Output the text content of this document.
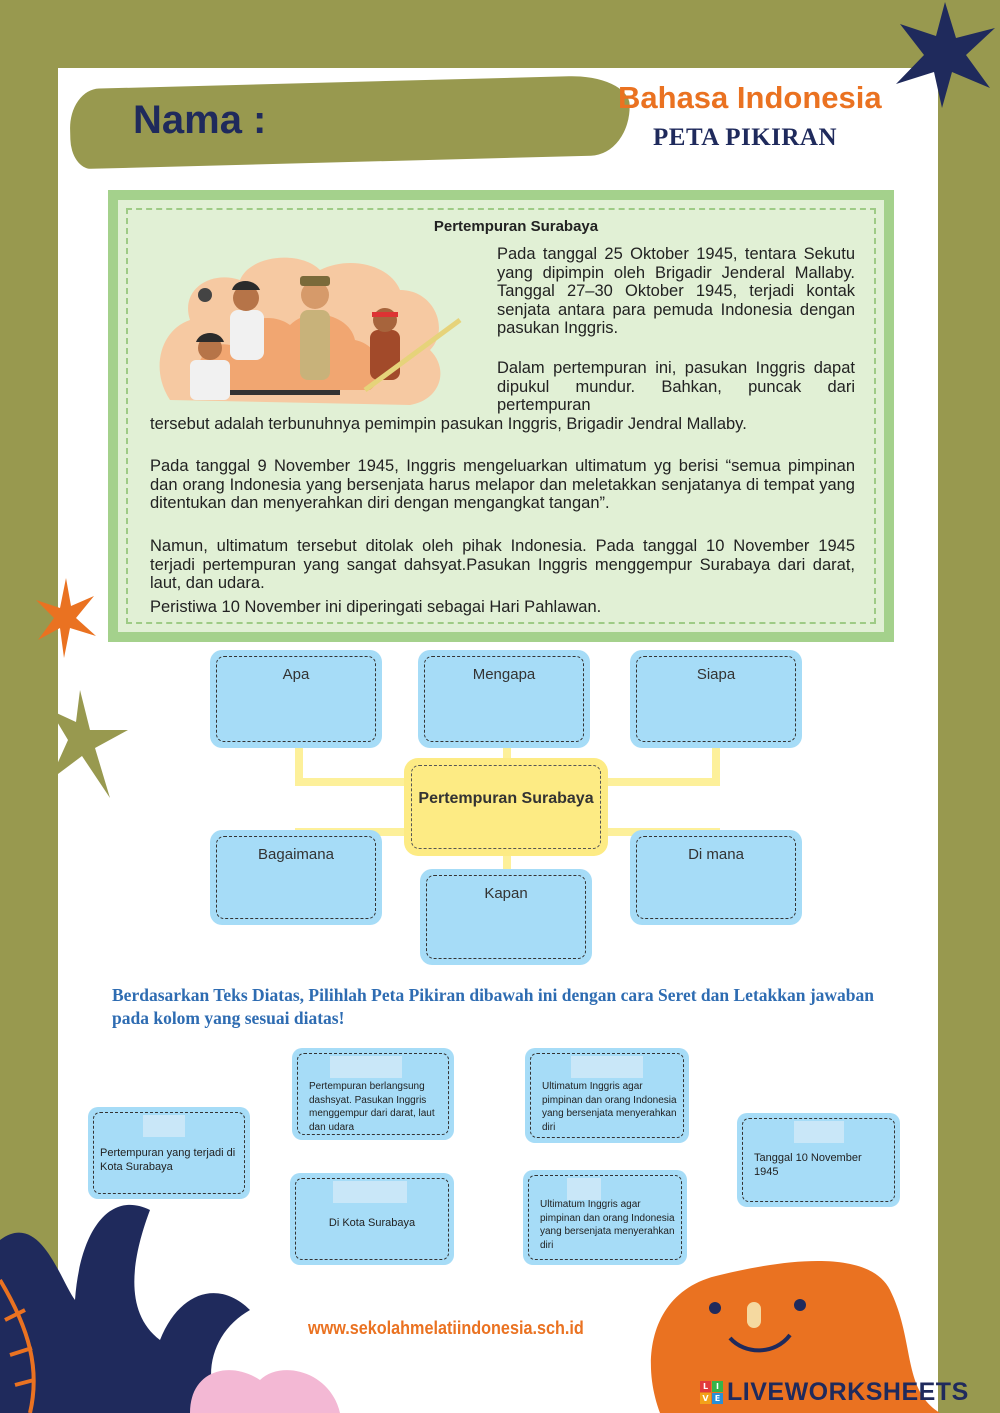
Nama :
Bahasa Indonesia
PETA PIKIRAN
Pertempuran Surabaya

Pada tanggal 25 Oktober 1945, tentara Sekutu yang dipimpin oleh Brigadir Jenderal Mallaby. Tanggal 27–30 Oktober 1945, terjadi kontak senjata antara para pemuda Indonesia dengan pasukan Inggris.

Dalam pertempuran ini, pasukan Inggris dapat dipukul mundur. Bahkan, puncak dari pertempuran

tersebut adalah terbunuhnya pemimpin pasukan Inggris, Brigadir Jendral Mallaby.

Pada tanggal 9 November 1945, Inggris mengeluarkan ultimatum yg berisi “semua pimpinan dan orang Indonesia yang bersenjata harus melapor dan meletakkan senjatanya di tempat yang ditentukan dan menyerahkan diri dengan mengangkat tangan”.

Namun, ultimatum tersebut ditolak oleh pihak Indonesia. Pada tanggal 10 November 1945 terjadi pertempuran yang sangat dahsyat.Pasukan Inggris menggempur Surabaya dari darat, laut, dan udara.

Peristiwa 10 November ini diperingati sebagai Hari Pahlawan.

Apa	Mengapa	Siapa
Pertempuran Surabaya
Bagaimana	Di mana
Kapan
Berdasarkan Teks Diatas, Pilihlah Peta Pikiran dibawah ini dengan cara Seret dan Letakkan jawaban pada kolom yang sesuai diatas!
Pertempuran yang terjadi di Kota Surabaya
Pertempuran berlangsung dashsyat. Pasukan Inggris menggempur dari darat, laut dan udara
Di Kota Surabaya
Ultimatum Inggris agar pimpinan dan orang Indonesia yang bersenjata menyerahkan diri
Ultimatum Inggris agar pimpinan dan orang Indonesia yang bersenjata menyerahkan diri
Tanggal 10 November 1945
www.sekolahmelatiindonesia.sch.id
L I
V E LIVEWORKSHEETS
